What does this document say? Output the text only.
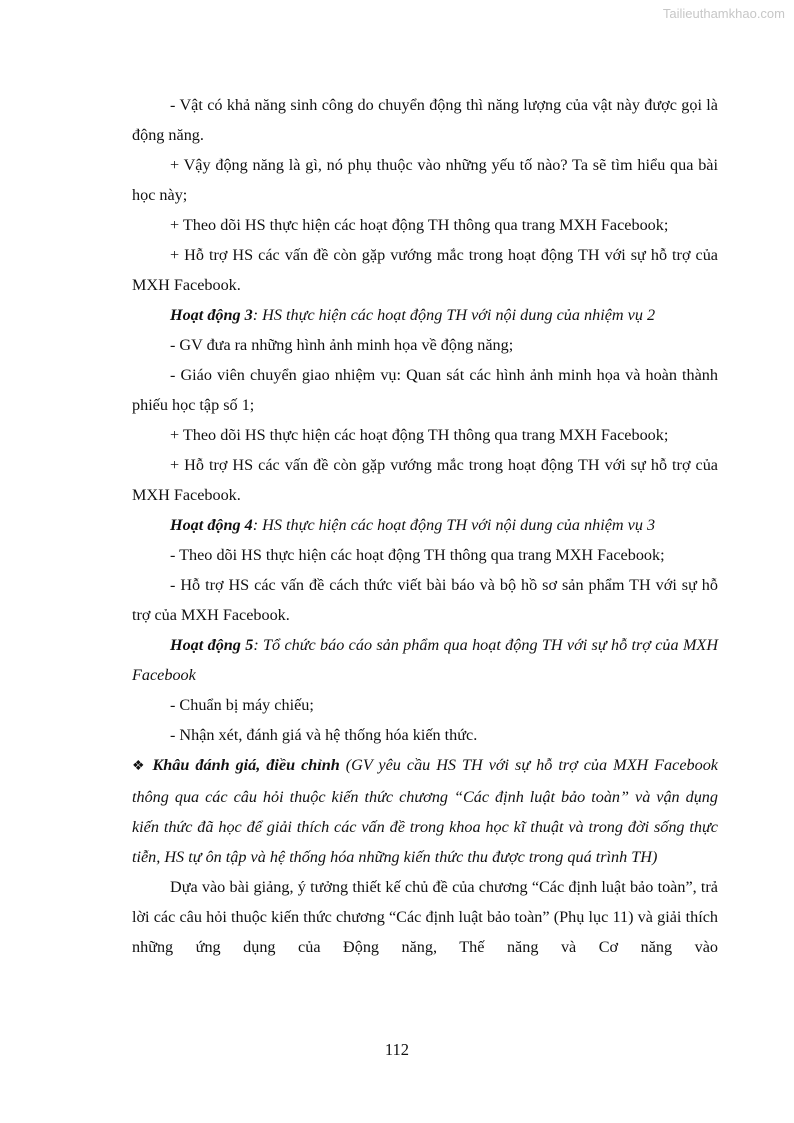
Tailieuthamkhao.com

- Vật có khả năng sinh công do chuyển động thì năng lượng của vật này được gọi là động năng.

+ Vậy động năng là gì, nó phụ thuộc vào những yếu tố nào? Ta sẽ tìm hiểu qua bài học này;

+ Theo dõi HS thực hiện các hoạt động TH thông qua trang MXH Facebook;

+ Hỗ trợ HS các vấn đề còn gặp vướng mắc trong hoạt động TH với sự hỗ trợ của MXH Facebook.

Hoạt động 3: HS thực hiện các hoạt động TH với nội dung của nhiệm vụ 2

- GV đưa ra những hình ảnh minh họa về động năng;

- Giáo viên chuyển giao nhiệm vụ: Quan sát các hình ảnh minh họa và hoàn thành phiếu học tập số 1;

+ Theo dõi HS thực hiện các hoạt động TH thông qua trang MXH Facebook;

+ Hỗ trợ HS các vấn đề còn gặp vướng mắc trong hoạt động TH với sự hỗ trợ của MXH Facebook.

Hoạt động 4: HS thực hiện các hoạt động TH với nội dung của nhiệm vụ 3

- Theo dõi HS thực hiện các hoạt động TH thông qua trang MXH Facebook;

- Hỗ trợ HS các vấn đề cách thức viết bài báo và bộ hồ sơ sản phẩm TH với sự hỗ trợ của MXH Facebook.

Hoạt động 5: Tổ chức báo cáo sản phẩm qua hoạt động TH với sự hỗ trợ của MXH Facebook

- Chuẩn bị máy chiếu;

- Nhận xét, đánh giá và hệ thống hóa kiến thức.

❖ Khâu đánh giá, điều chỉnh (GV yêu cầu HS TH với sự hỗ trợ của MXH Facebook thông qua các câu hỏi thuộc kiến thức chương “Các định luật bảo toàn” và vận dụng kiến thức đã học để giải thích các vấn đề trong khoa học kĩ thuật và trong đời sống thực tiễn, HS tự ôn tập và hệ thống hóa những kiến thức thu được trong quá trình TH)

Dựa vào bài giảng, ý tưởng thiết kế chủ đề của chương “Các định luật bảo toàn”, trả lời các câu hỏi thuộc kiến thức chương “Các định luật bảo toàn” (Phụ lục 11) và giải thích những ứng dụng của Động năng, Thế năng và Cơ năng vào

112
